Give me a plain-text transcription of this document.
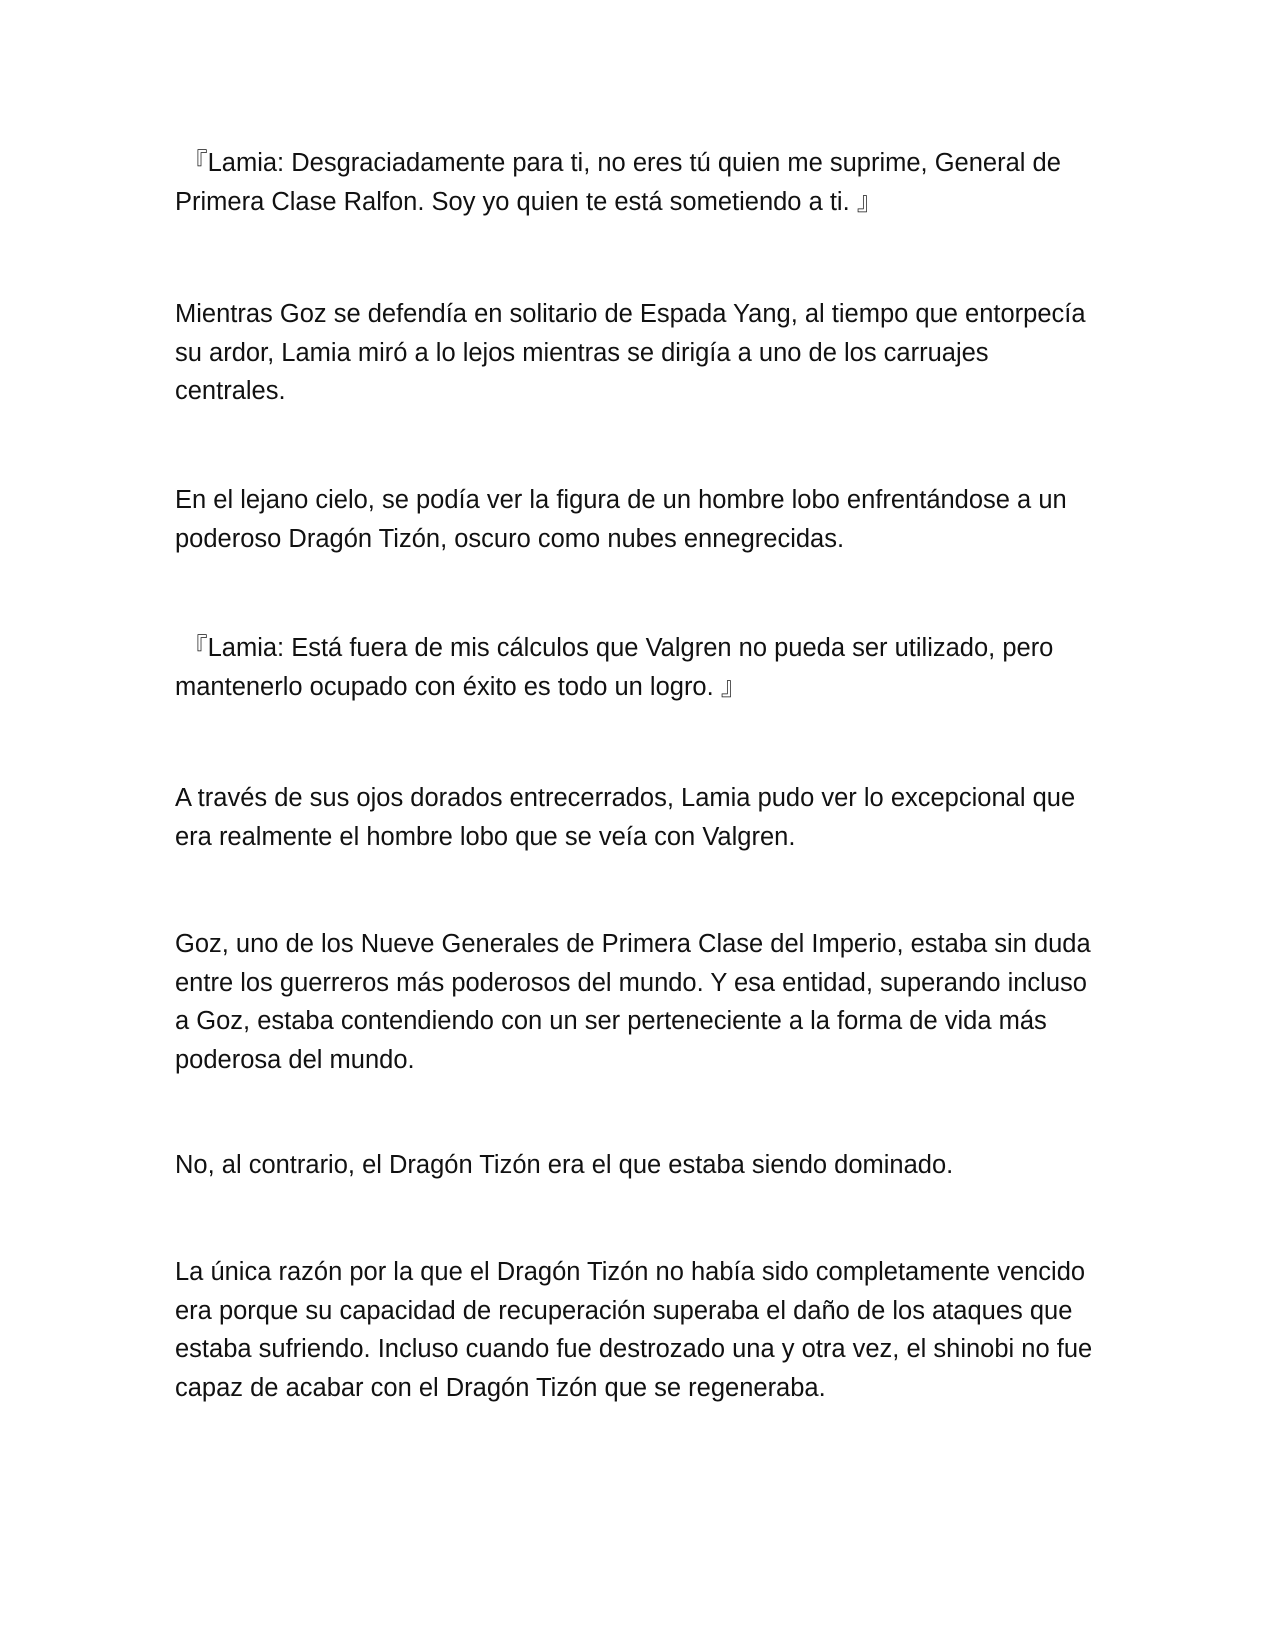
『Lamia: Desgraciadamente para ti, no eres tú quien me suprime, General de Primera Clase Ralfon. Soy yo quien te está sometiendo a ti. 』

Mientras Goz se defendía en solitario de Espada Yang, al tiempo que entorpecía su ardor, Lamia miró a lo lejos mientras se dirigía a uno de los carruajes centrales.

En el lejano cielo, se podía ver la figura de un hombre lobo enfrentándose a un poderoso Dragón Tizón, oscuro como nubes ennegrecidas.

『Lamia: Está fuera de mis cálculos que Valgren no pueda ser utilizado, pero mantenerlo ocupado con éxito es todo un logro. 』

A través de sus ojos dorados entrecerrados, Lamia pudo ver lo excepcional que era realmente el hombre lobo que se veía con Valgren.

Goz, uno de los Nueve Generales de Primera Clase del Imperio, estaba sin duda entre los guerreros más poderosos del mundo. Y esa entidad, superando incluso a Goz, estaba contendiendo con un ser perteneciente a la forma de vida más poderosa del mundo.

No, al contrario, el Dragón Tizón era el que estaba siendo dominado.

La única razón por la que el Dragón Tizón no había sido completamente vencido era porque su capacidad de recuperación superaba el daño de los ataques que estaba sufriendo. Incluso cuando fue destrozado una y otra vez, el shinobi no fue capaz de acabar con el Dragón Tizón que se regeneraba.
